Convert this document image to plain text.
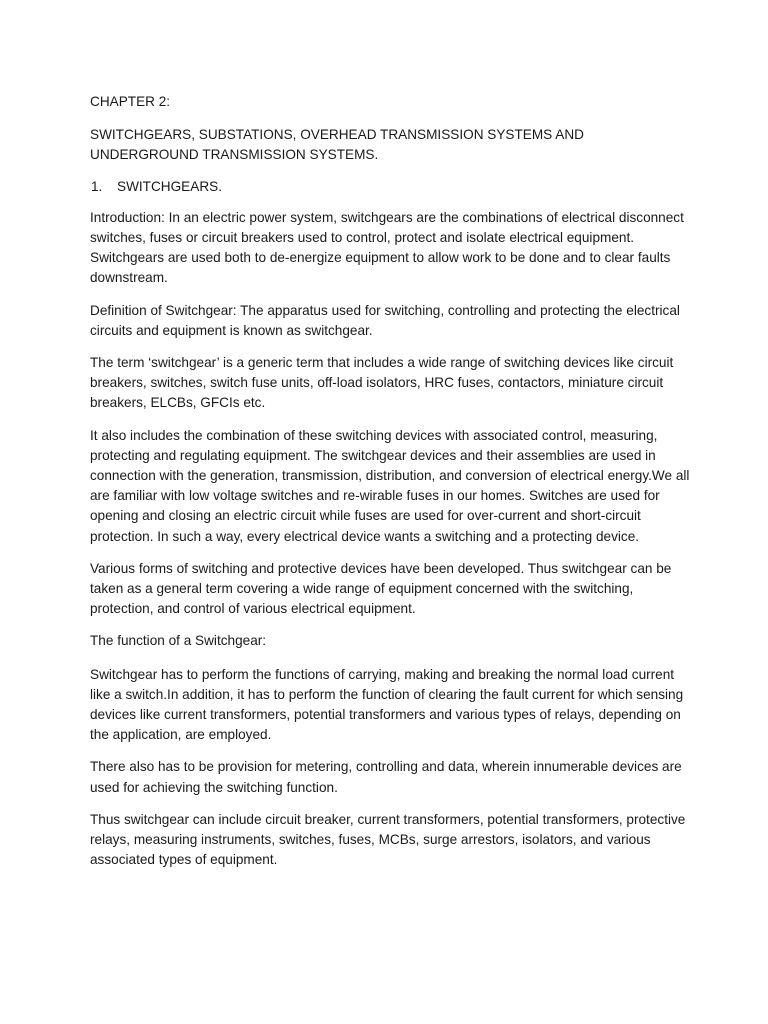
CHAPTER 2:

SWITCHGEARS, SUBSTATIONS, OVERHEAD TRANSMISSION SYSTEMS AND UNDERGROUND TRANSMISSION SYSTEMS.

1.	SWITCHGEARS.

Introduction: In an electric power system, switchgears are the combinations of electrical disconnect switches, fuses or circuit breakers used to control, protect and isolate electrical equipment. Switchgears are used both to de-energize equipment to allow work to be done and to clear faults downstream.

Definition of Switchgear: The apparatus used for switching, controlling and protecting the electrical circuits and equipment is known as switchgear.

The term ‘switchgear’ is a generic term that includes a wide range of switching devices like circuit breakers, switches, switch fuse units, off-load isolators, HRC fuses, contactors, miniature circuit breakers, ELCBs, GFCIs etc.

It also includes the combination of these switching devices with associated control, measuring, protecting and regulating equipment. The switchgear devices and their assemblies are used in connection with the generation, transmission, distribution, and conversion of electrical energy.We all are familiar with low voltage switches and re-wirable fuses in our homes. Switches are used for opening and closing an electric circuit while fuses are used for over-current and short-circuit protection. In such a way, every electrical device wants a switching and a protecting device.

Various forms of switching and protective devices have been developed. Thus switchgear can be taken as a general term covering a wide range of equipment concerned with the switching, protection, and control of various electrical equipment.

The function of a Switchgear:

Switchgear has to perform the functions of carrying, making and breaking the normal load current like a switch.In addition, it has to perform the function of clearing the fault current for which sensing devices like current transformers, potential transformers and various types of relays, depending on the application, are employed.

There also has to be provision for metering, controlling and data, wherein innumerable devices are used for achieving the switching function.

Thus switchgear can include circuit breaker, current transformers, potential transformers, protective relays, measuring instruments, switches, fuses, MCBs, surge arrestors, isolators, and various associated types of equipment.
